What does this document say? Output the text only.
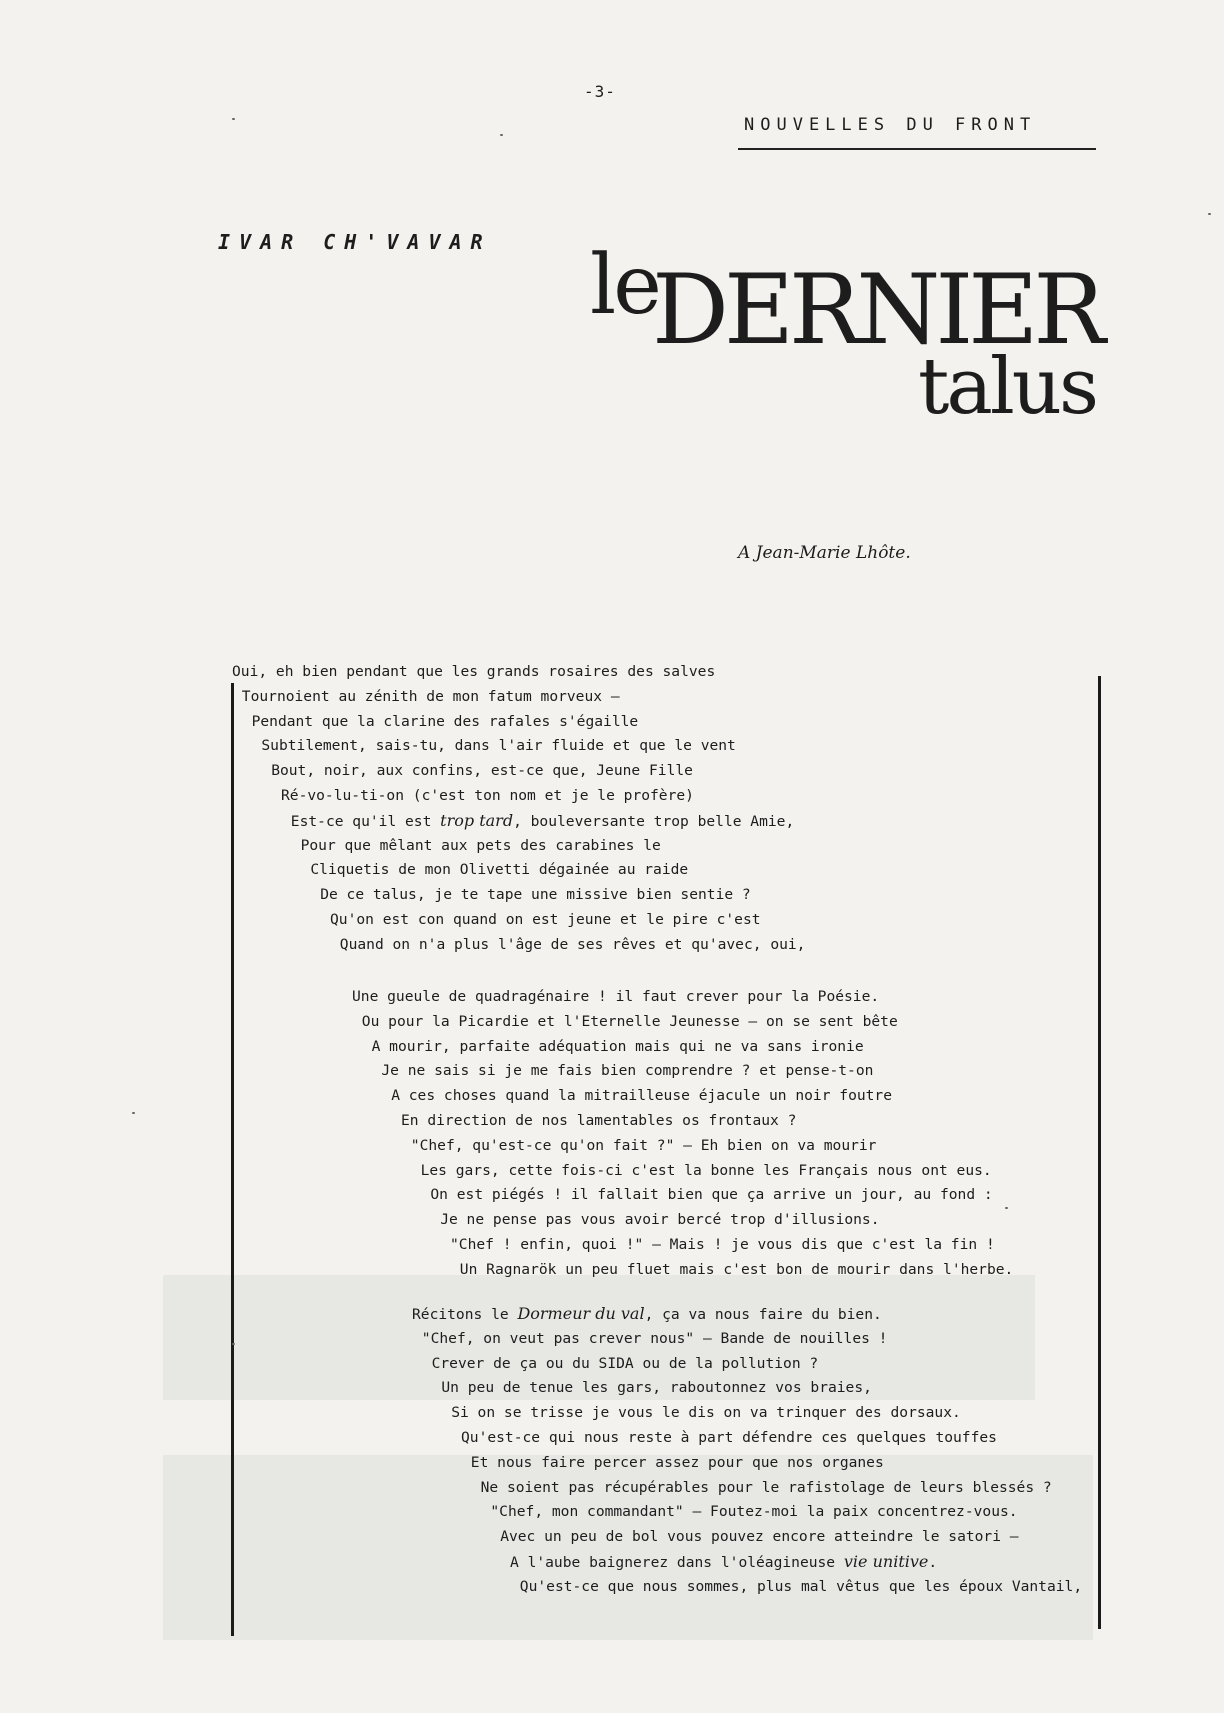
-3-
NOUVELLES DU FRONT
IVAR CH'VAVAR le
DERNIER
talus
A Jean-Marie Lhôte.
Oui, eh bien pendant que les grands rosaires des salves
Tournoient au zénith de mon fatum morveux —
Pendant que la clarine des rafales s'égaille
Subtilement, sais-tu, dans l'air fluide et que le vent
Bout, noir, aux confins, est-ce que, Jeune Fille
Ré-vo-lu-ti-on (c'est ton nom et je le profère)
Est-ce qu'il est trop tard, bouleversante trop belle Amie,
Pour que mêlant aux pets des carabines le
Cliquetis de mon Olivetti dégainée au raide
De ce talus, je te tape une missive bien sentie ?
Qu'on est con quand on est jeune et le pire c'est
Quand on n'a plus l'âge de ses rêves et qu'avec, oui,
Une gueule de quadragénaire ! il faut crever pour la Poésie.
Ou pour la Picardie et l'Eternelle Jeunesse — on se sent bête
A mourir, parfaite adéquation mais qui ne va sans ironie
Je ne sais si je me fais bien comprendre ? et pense-t-on
A ces choses quand la mitrailleuse éjacule un noir foutre
En direction de nos lamentables os frontaux ?
"Chef, qu'est-ce qu'on fait ?" — Eh bien on va mourir
Les gars, cette fois-ci c'est la bonne les Français nous ont eus.
On est piégés ! il fallait bien que ça arrive un jour, au fond :
Je ne pense pas vous avoir bercé trop d'illusions.
"Chef ! enfin, quoi !" — Mais ! je vous dis que c'est la fin !
Un Ragnarök un peu fluet mais c'est bon de mourir dans l'herbe.
Récitons le Dormeur du val, ça va nous faire du bien.
"Chef, on veut pas crever nous" — Bande de nouilles !
Crever de ça ou du SIDA ou de la pollution ?
Un peu de tenue les gars, raboutonnez vos braies,
Si on se trisse je vous le dis on va trinquer des dorsaux.
Qu'est-ce qui nous reste à part défendre ces quelques touffes
Et nous faire percer assez pour que nos organes
Ne soient pas récupérables pour le rafistolage de leurs blessés ?
"Chef, mon commandant" — Foutez-moi la paix concentrez-vous.
Avec un peu de bol vous pouvez encore atteindre le satori —
A l'aube baignerez dans l'oléagineuse vie unitive.
Qu'est-ce que nous sommes, plus mal vêtus que les époux Vantail,
